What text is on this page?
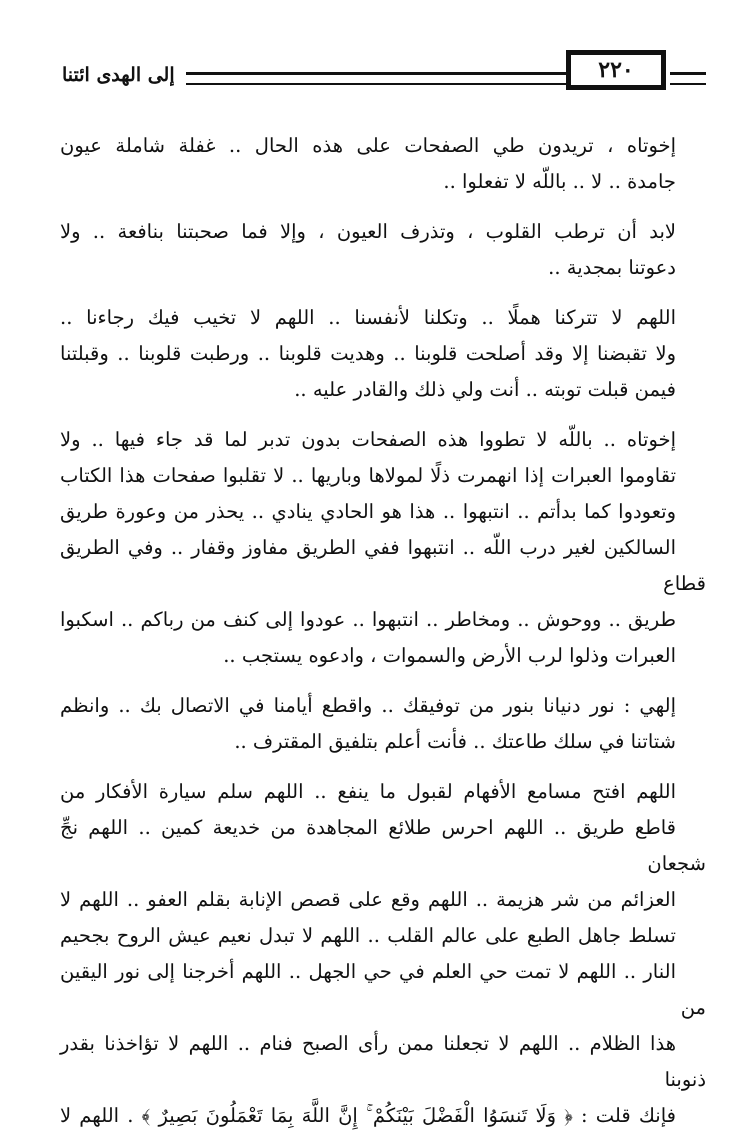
إلى الهدى ائتنا	٢٢٠

إخوتاه ، تريدون طي الصفحات على هذه الحال .. غفلة شاملة عيون
جامدة .. لا .. باللّه لا تفعلوا ..

لابد أن ترطب القلوب ، وتذرف العيون ، وإلا فما صحبتنا بنافعة .. ولا
دعوتنا بمجدية ..

اللهم لا تتركنا هملًا .. وتكلنا لأنفسنا .. اللهم لا تخيب فيك رجاءنا ..
ولا تقبضنا إلا وقد أصلحت قلوبنا .. وهديت قلوبنا .. ورطبت قلوبنا .. وقبلتنا
فيمن قبلت توبته .. أنت ولي ذلك والقادر عليه ..

إخوتاه .. باللّه لا تطووا هذه الصفحات بدون تدبر لما قد جاء فيها .. ولا
تقاوموا العبرات إذا انهمرت ذلًا لمولاها وباريها .. لا تقلبوا صفحات هذا الكتاب
وتعودوا كما بدأتم .. انتبهوا .. هذا هو الحادي ينادي .. يحذر من وعورة طريق
السالكين لغير درب اللّه .. انتبهوا ففي الطريق مفاوز وقفار .. وفي الطريق قطاع
طريق .. ووحوش .. ومخاطر .. انتبهوا .. عودوا إلى كنف من رباكم .. اسكبوا
العبرات وذلوا لرب الأرض والسموات ، وادعوه يستجب ..

إلهي : نور دنيانا بنور من توفيقك .. واقطع أيامنا في الاتصال بك .. وانظم
شتاتنا في سلك طاعتك .. فأنت أعلم بتلفيق المقترف ..

اللهم افتح مسامع الأفهام لقبول ما ينفع .. اللهم سلم سيارة الأفكار من
قاطع طريق .. اللهم احرس طلائع المجاهدة من خديعة كمين .. اللهم نجِّ شجعان
العزائم من شر هزيمة .. اللهم وقع على قصص الإنابة بقلم العفو .. اللهم لا
تسلط جاهل الطبع على عالم القلب .. اللهم لا تبدل نعيم عيش الروح بجحيم
النار .. اللهم لا تمت حي العلم في حي الجهل .. اللهم أخرجنا إلى نور اليقين من
هذا الظلام .. اللهم لا تجعلنا ممن رأى الصبح فنام .. اللهم لا تؤاخذنا بقدر ذنوبنا
فإنك قلت : ﴿ وَلَا تَنسَوُا الْفَضْلَ بَيْنَكُمْ ۚ إِنَّ اللَّهَ بِمَا تَعْمَلُونَ بَصِيرٌ ﴾ . اللهم لا
